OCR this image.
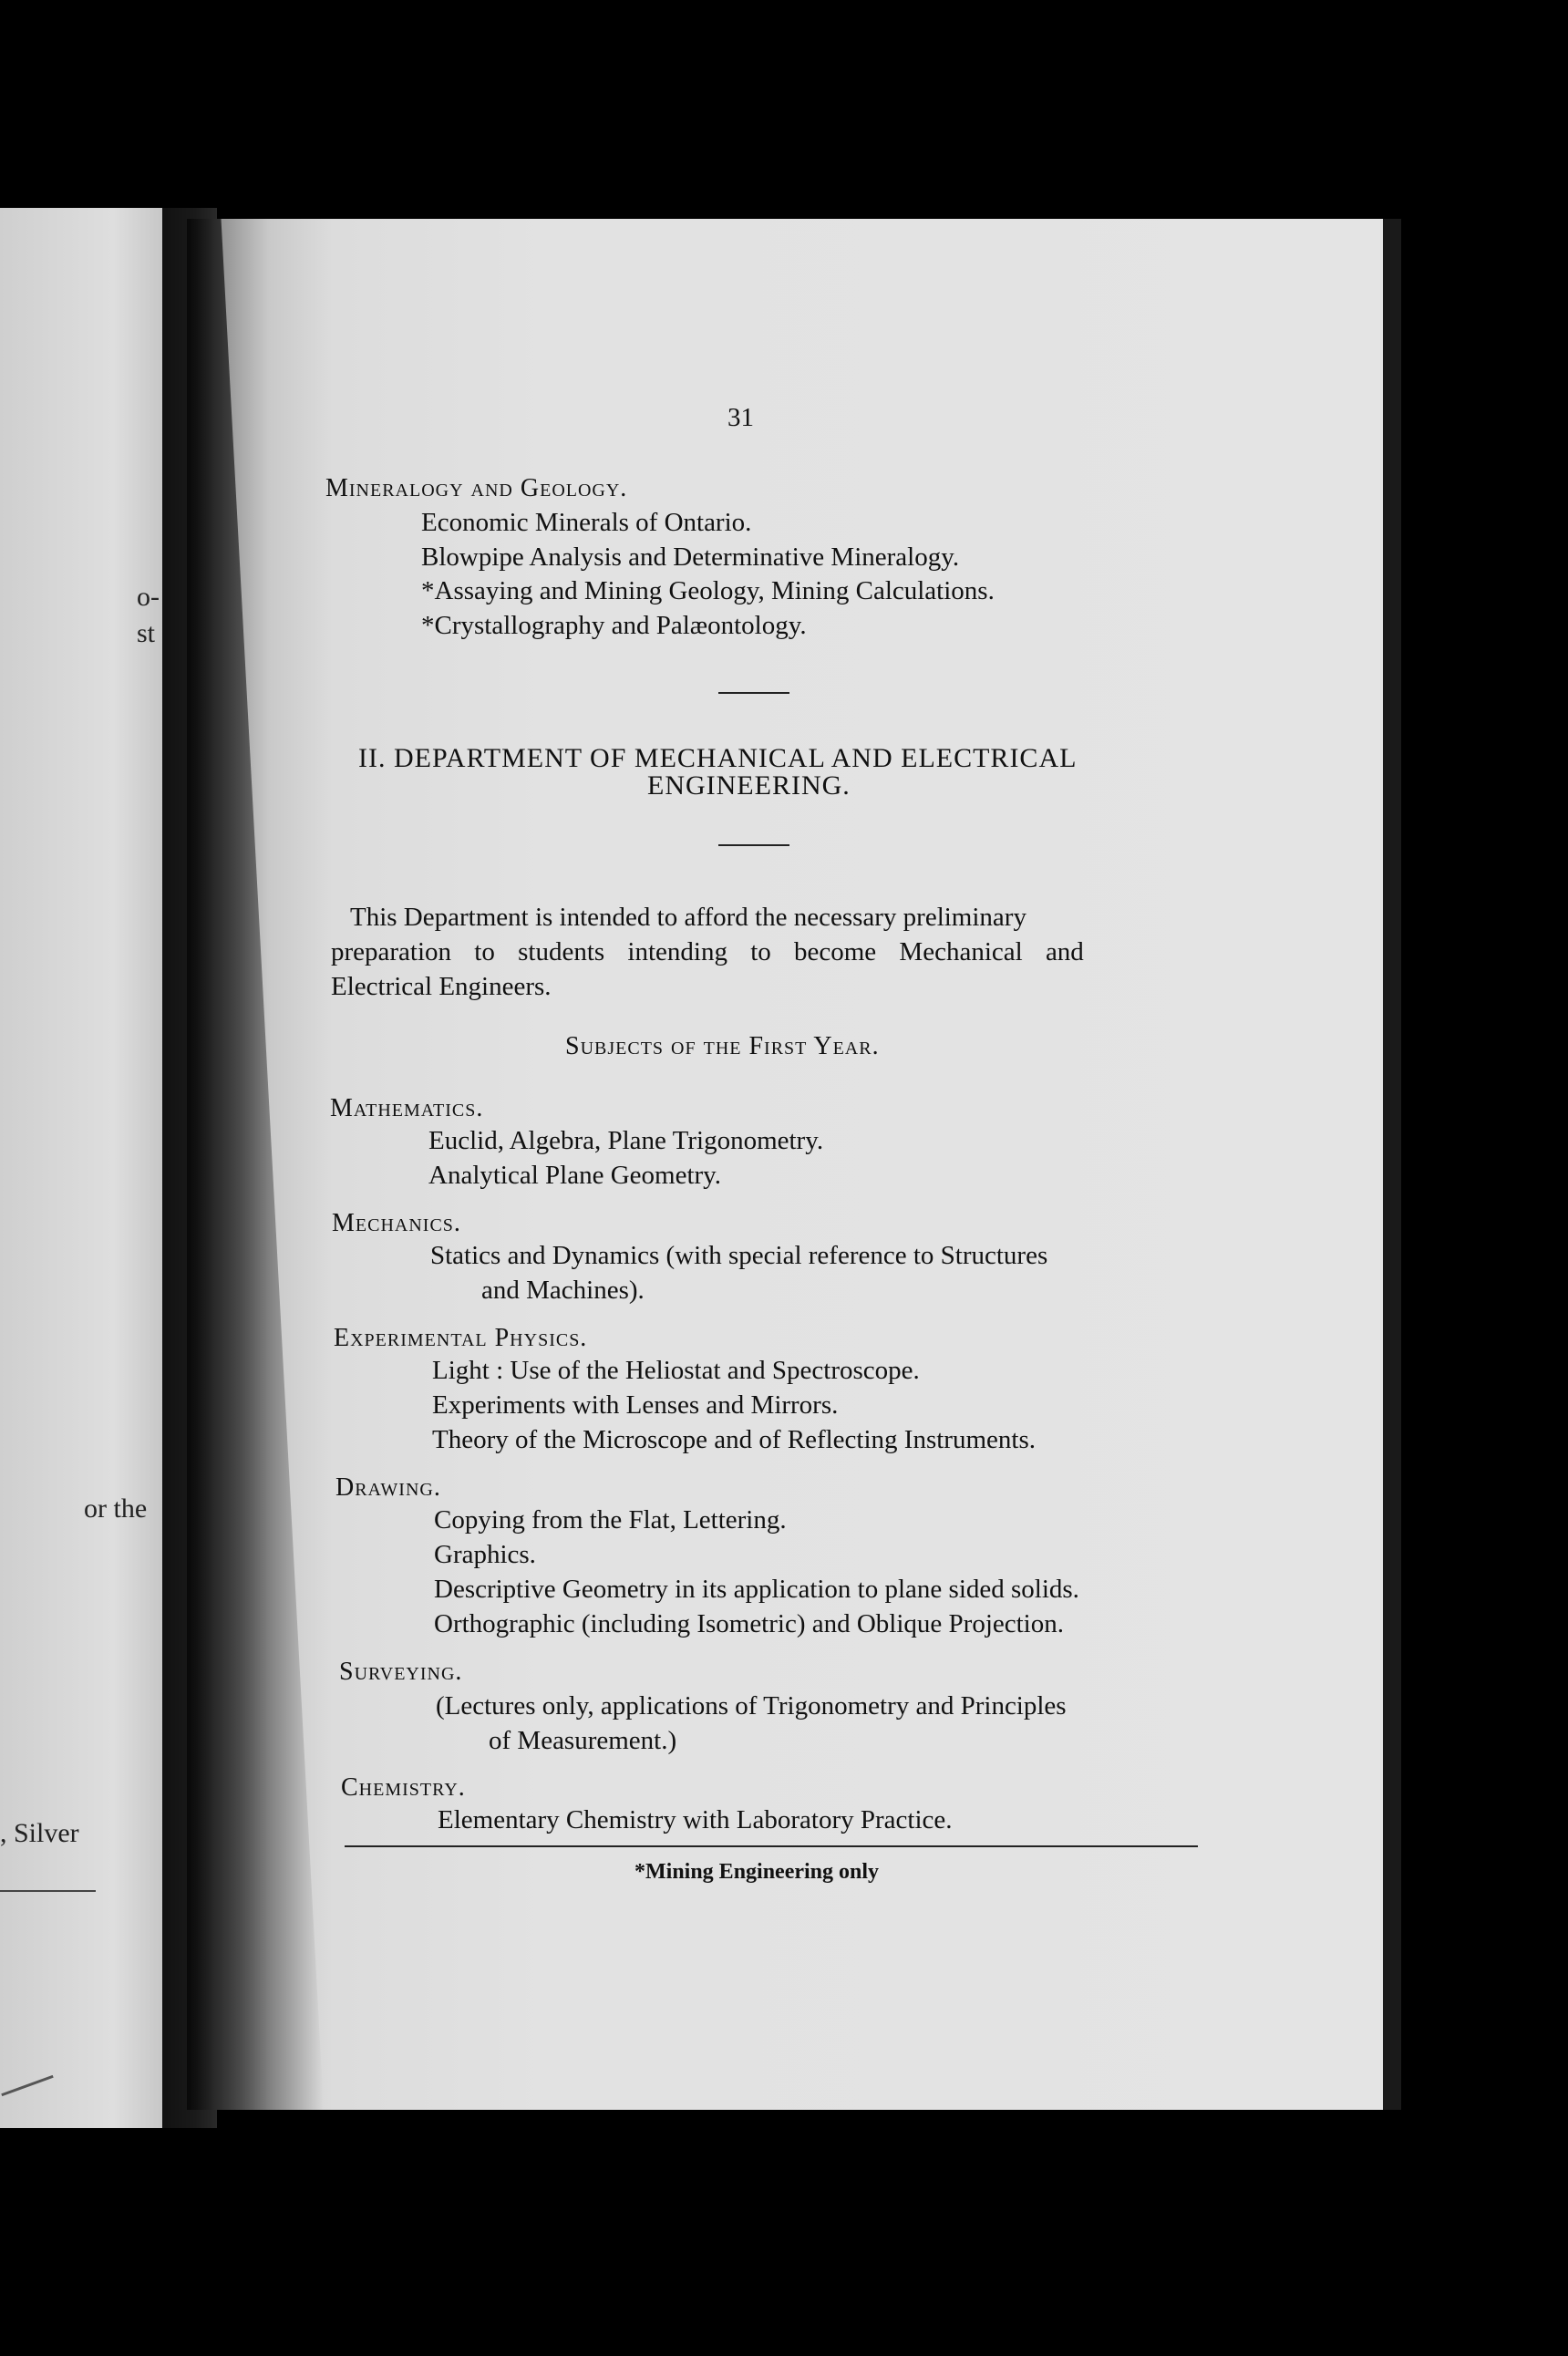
o-
st
or the
, Silver
31
Mineralogy and Geology.
Economic Minerals of Ontario.
Blowpipe Analysis and Determinative Mineralogy.
*Assaying and Mining Geology, Mining Calculations.
*Crystallography and Palæontology.
II. DEPARTMENT OF MECHANICAL AND ELECTRICAL
ENGINEERING.
This Department is intended to afford the necessary preliminary
preparation to students intending to become Mechanical and
Electrical Engineers.
Subjects of the First Year.
Mathematics.
Euclid, Algebra, Plane Trigonometry.
Analytical Plane Geometry.
Mechanics.
Statics and Dynamics (with special reference to Structures
and Machines).
Experimental Physics.
Light : Use of the Heliostat and Spectroscope.
Experiments with Lenses and Mirrors.
Theory of the Microscope and of Reflecting Instruments.
Drawing.
Copying from the Flat, Lettering.
Graphics.
Descriptive Geometry in its application to plane sided solids.
Orthographic (including Isometric) and Oblique Projection.
Surveying.
(Lectures only, applications of Trigonometry and Principles
of Measurement.)
Chemistry.
Elementary Chemistry with Laboratory Practice.
*Mining Engineering only
